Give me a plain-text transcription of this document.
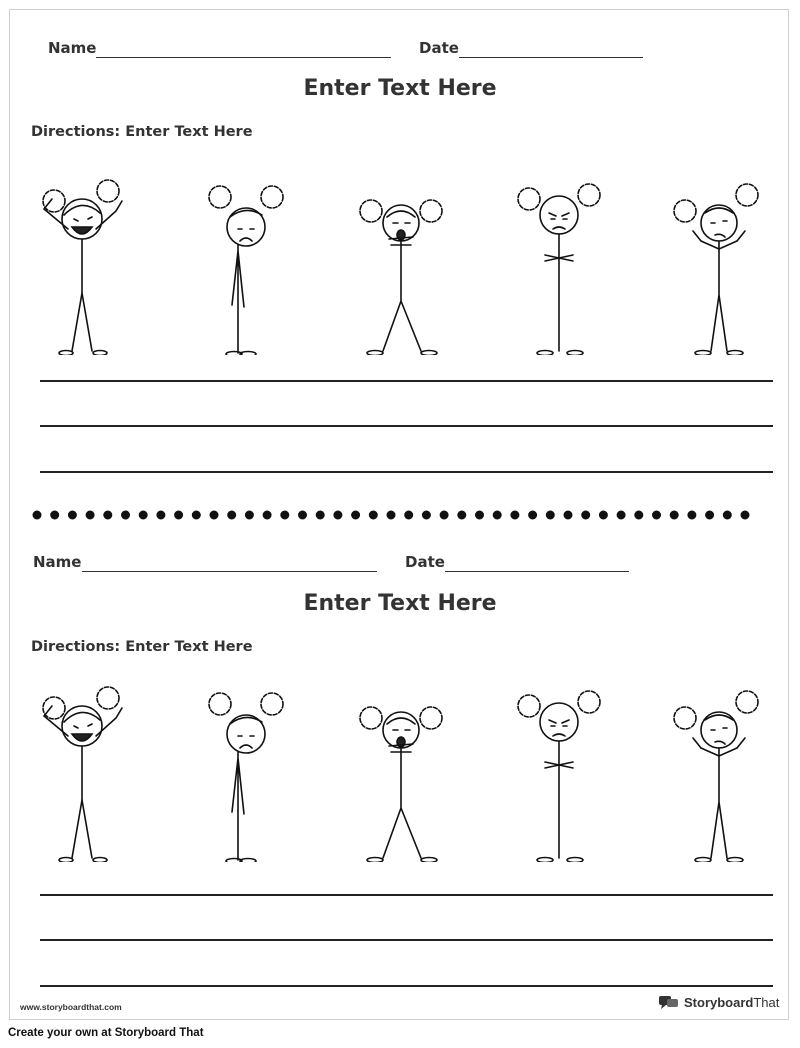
Name	Date
Enter Text Here
Directions: Enter Text Here
Name	Date
Enter Text Here
Directions: Enter Text Here
www.storyboardthat.com	StoryboardThat
Create your own at Storyboard That
